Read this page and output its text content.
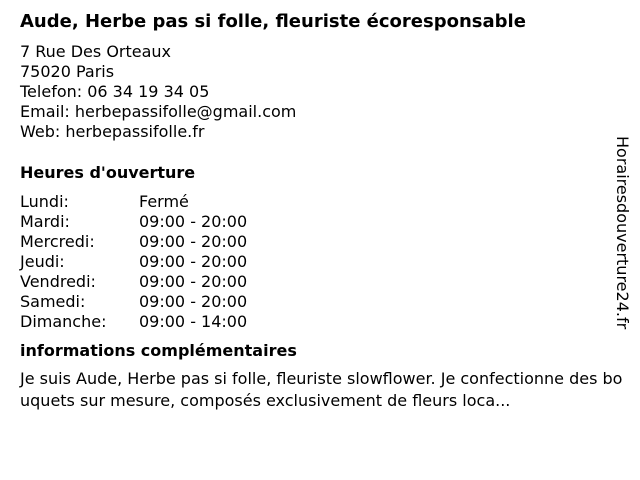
Aude, Herbe pas si folle, fleuriste écoresponsable
7 Rue Des Orteaux
75020 Paris
Telefon: 06 34 19 34 05
Email: herbepassifolle@gmail.com
Web: herbepassifolle.fr
Heures d'ouverture
Lundi:	Fermé
Mardi:	09:00 - 20:00
Mercredi:	09:00 - 20:00
Jeudi:	09:00 - 20:00
Vendredi:	09:00 - 20:00
Samedi:	09:00 - 20:00
Dimanche:	09:00 - 14:00
informations complémentaires
Je suis Aude, Herbe pas si folle, fleuriste slowflower. Je confectionne des bouquets sur mesure, composés exclusivement de fleurs loca...
Horairesdouverture24.fr
